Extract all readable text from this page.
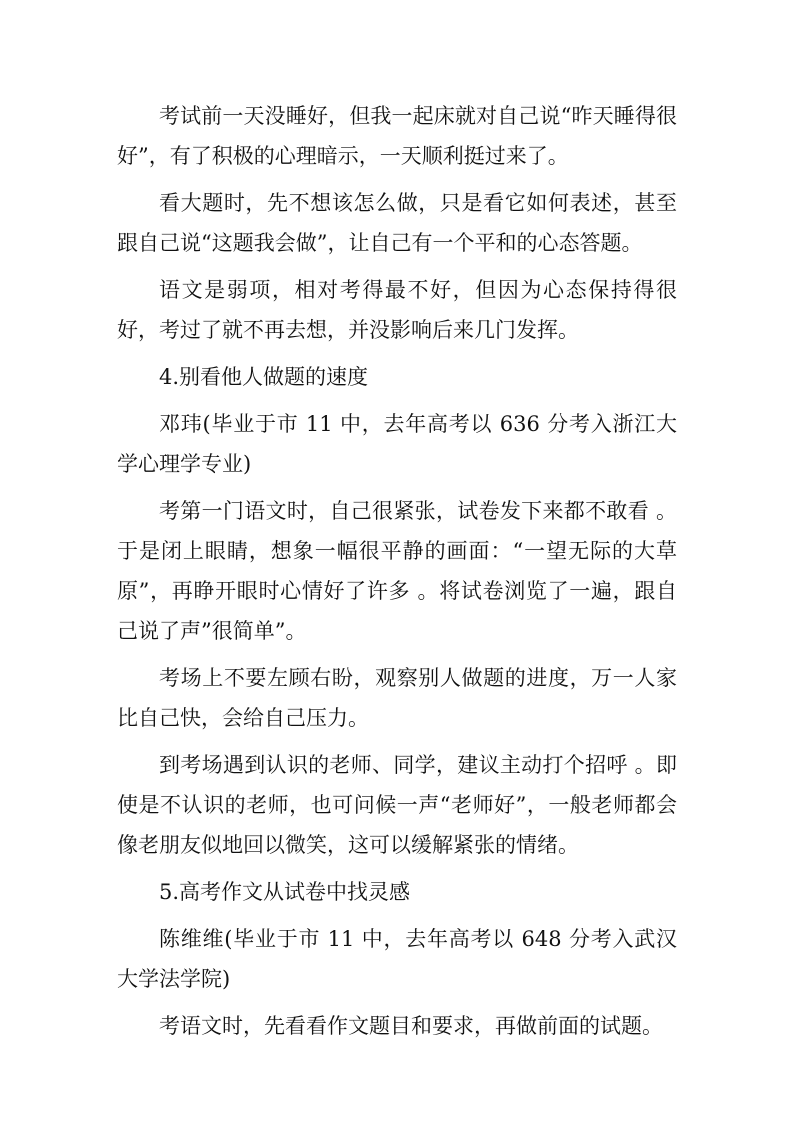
考试前一天没睡好，但我一起床就对自己说“昨天睡得很好”，有了积极的心理暗示，一天顺利挺过来了。

看大题时，先不想该怎么做，只是看它如何表述，甚至跟自己说“这题我会做”，让自己有一个平和的心态答题。

语文是弱项，相对考得最不好，但因为心态保持得很好，考过了就不再去想，并没影响后来几门发挥。

4.别看他人做题的速度

邓玮(毕业于市 11 中，去年高考以 636 分考入浙江大学心理学专业)

考第一门语文时，自己很紧张，试卷发下来都不敢看 。于是闭上眼睛，想象一幅很平静的画面：“一望无际的大草原”，再睁开眼时心情好了许多 。将试卷浏览了一遍，跟自己说了声”很简单”。

考场上不要左顾右盼，观察别人做题的进度，万一人家比自己快，会给自己压力。

到考场遇到认识的老师、同学，建议主动打个招呼 。即使是不认识的老师，也可问候一声“老师好”，一般老师都会像老朋友似地回以微笑，这可以缓解紧张的情绪。

5.高考作文从试卷中找灵感

陈维维(毕业于市 11 中，去年高考以 648 分考入武汉大学法学院)

考语文时，先看看作文题目和要求，再做前面的试题。
